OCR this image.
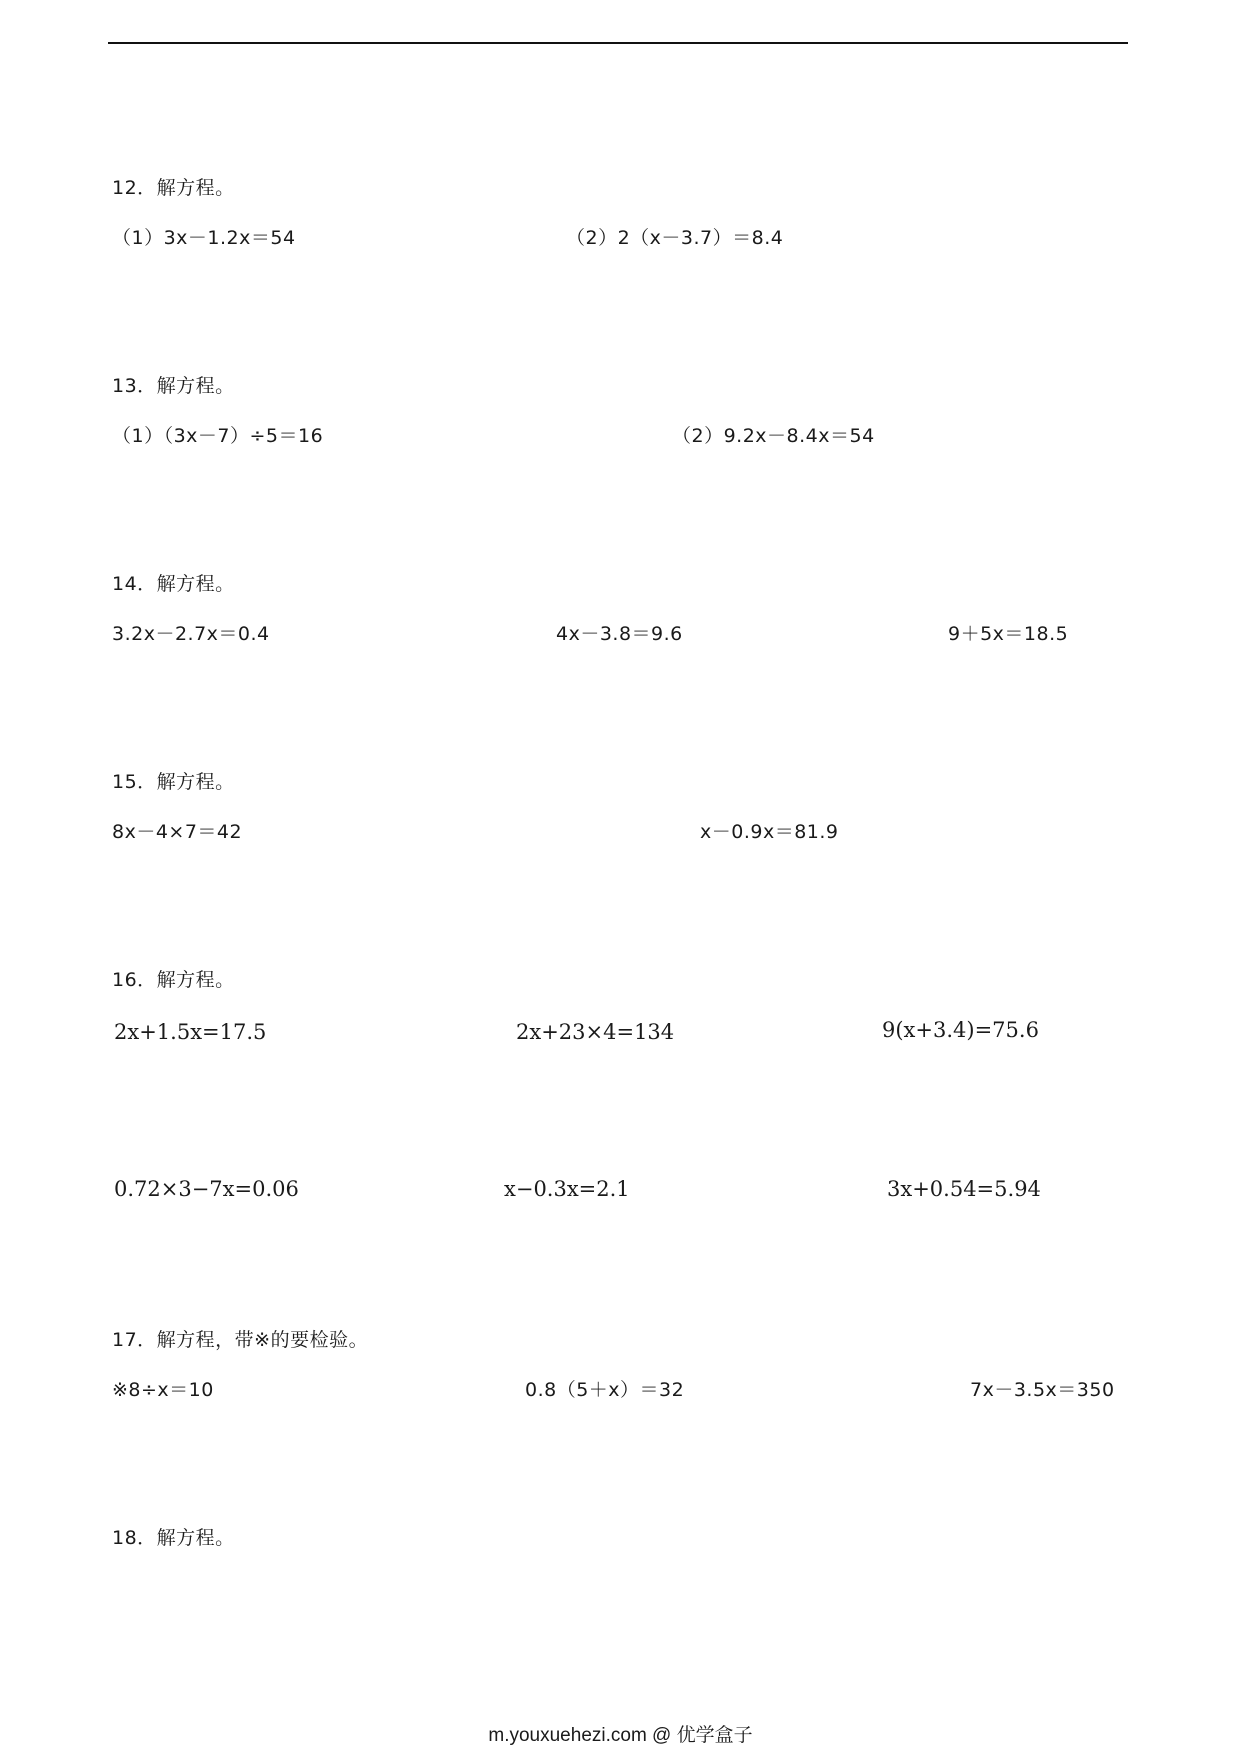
12．解方程。
（1）3x－1.2x＝54	（2）2（x－3.7）＝8.4
13．解方程。
（1）（3x－7）÷5＝16	（2）9.2x－8.4x＝54
14．解方程。
3.2x－2.7x＝0.4	4x－3.8＝9.6	9＋5x＝18.5
15．解方程。
8x－4×7＝42	x－0.9x＝81.9
16．解方程。
2x+1.5x=17.5	2x+23×4=134	9(x+3.4)=75.6
0.72×3−7x=0.06	x−0.3x=2.1	3x+0.54=5.94
17．解方程，带※的要检验。
※8÷x＝10	0.8（5＋x）＝32	7x－3.5x＝350
18．解方程。
m.youxuehezi.com @ 优学盒子
